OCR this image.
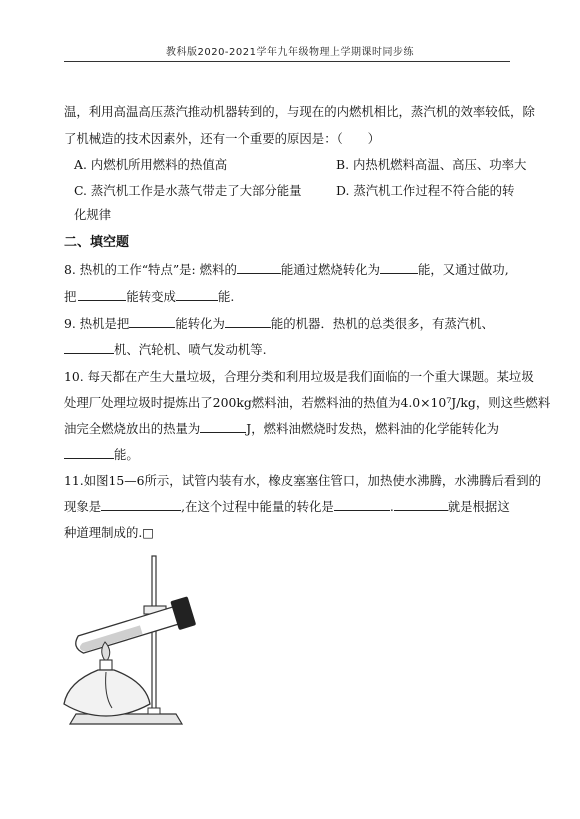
教科版2020-2021学年九年级物理上学期课时同步练
温，利用高温高压蒸汽推动机器转到的，与现在的内燃机相比，蒸汽机的效率较低，除
了机械造的技术因素外，还有一个重要的原因是：（　　）
A. 内燃机所用燃料的热值高	B. 内热机燃料高温、高压、功率大
C. 蒸汽机工作是水蒸气带走了大部分能量	D. 蒸汽机工作过程不符合能的转
化规律
二、填空题
8. 热机的工作“特点”是: 燃料的	能通过燃烧转化为	能，又通过做功,
把	能转变成	能.
9. 热机是把	能转化为	能的机器．热机的总类很多，有蒸汽机、
机、汽轮机、喷气发动机等.
10. 每天都在产生大量垃圾，合理分类和利用垃圾是我们面临的一个重大课题。某垃圾
处理厂处理垃圾时提炼出了200kg燃料油，若燃料油的热值为4.0×10⁷J/kg，则这些燃料
油完全燃烧放出的热量为	J，燃料油燃烧时发热，燃料油的化学能转化为
能。
11.如图15—6所示，试管内装有水，橡皮塞塞住管口，加热使水沸腾，水沸腾后看到的
现象是	,在这个过程中能量的转化是	.	就是根据这
种道理制成的.□
